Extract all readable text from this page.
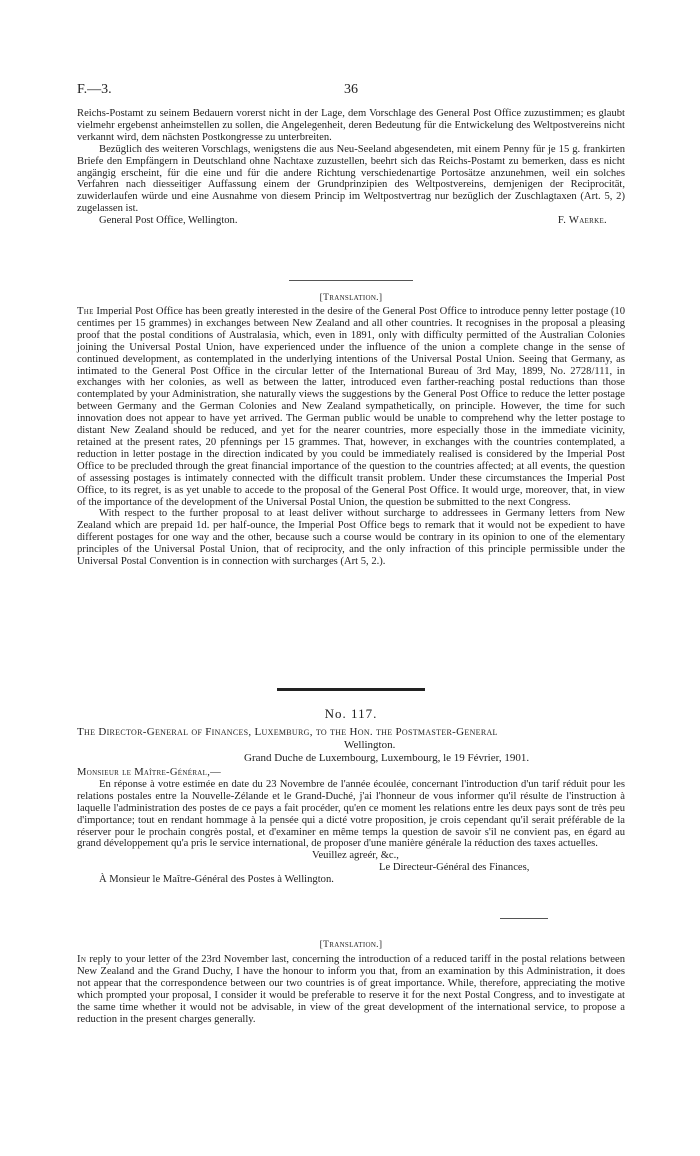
F.—3.	36

Reichs-Postamt zu seinem Bedauern vorerst nicht in der Lage, dem Vorschlage des General Post Office zuzustimmen; es glaubt vielmehr ergebenst anheimstellen zu sollen, die Angelegenheit, deren Bedeutung für die Entwickelung des Weltpostvereins nicht verkannt wird, dem nächsten Postkongresse zu unterbreiten.

Bezüglich des weiteren Vorschlags, wenigstens die aus Neu-Seeland abgesendeten, mit einem Penny für je 15 g. frankirten Briefe den Empfängern in Deutschland ohne Nachtaxe zuzustellen, beehrt sich das Reichs-Postamt zu bemerken, dass es nicht angängig erscheint, für die eine und für die andere Richtung verschiedenartige Portosätze anzunehmen, weil ein solches Verfahren nach diesseitiger Auffassung einem der Grundprinzipien des Weltpostvereins, demjenigen der Reciprocität, zuwiderlaufen würde und eine Ausnahme von diesem Princip im Weltpostvertrag nur bezüglich der Zuschlagtaxen (Art. 5, 2) zugelassen ist.

General Post Office, Wellington.	F. Waerke.
[Translation.]

The Imperial Post Office has been greatly interested in the desire of the General Post Office to introduce penny letter postage (10 centimes per 15 grammes) in exchanges between New Zealand and all other countries. It recognises in the proposal a pleasing proof that the postal conditions of Australasia, which, even in 1891, only with difficulty permitted of the Australian Colonies joining the Universal Postal Union, have experienced under the influence of the union a complete change in the sense of continued development, as contemplated in the underlying intentions of the Universal Postal Union. Seeing that Germany, as intimated to the General Post Office in the circular letter of the International Bureau of 3rd May, 1899, No. 2728/111, in exchanges with her colonies, as well as between the latter, introduced even farther-reaching postal reductions than those contemplated by your Administration, she naturally views the suggestions by the General Post Office to reduce the letter postage between Germany and the German Colonies and New Zealand sympathetically, on principle. However, the time for such innovation does not appear to have yet arrived. The German public would be unable to comprehend why the letter postage to distant New Zealand should be reduced, and yet for the nearer countries, more especially those in the immediate vicinity, retained at the present rates, 20 pfennings per 15 grammes. That, however, in exchanges with the countries contemplated, a reduction in letter postage in the direction indicated by you could be immediately realised is considered by the Imperial Post Office to be precluded through the great financial importance of the question to the countries affected; at all events, the question of assessing postages is intimately connected with the difficult transit problem. Under these circumstances the Imperial Post Office, to its regret, is as yet unable to accede to the proposal of the General Post Office. It would urge, moreover, that, in view of the importance of the development of the Universal Postal Union, the question be submitted to the next Congress.

With respect to the further proposal to at least deliver without surcharge to addressees in Germany letters from New Zealand which are prepaid 1d. per half-ounce, the Imperial Post Office begs to remark that it would not be expedient to have different postages for one way and the other, because such a course would be contrary in its opinion to one of the elementary principles of the Universal Postal Union, that of reciprocity, and the only infraction of this principle permissible under the Universal Postal Convention is in connection with surcharges (Art 5, 2.).

No. 117.
The Director-General of Finances, Luxemburg, to the Hon. the Postmaster-General
Wellington.
Grand Duche de Luxembourg, Luxembourg, le 19 Février, 1901.

Monsieur le Maître-Général,—

En réponse à votre estimée en date du 23 Novembre de l'année écoulée, concernant l'introduction d'un tarif réduit pour les relations postales entre la Nouvelle-Zélande et le Grand-Duché, j'ai l'honneur de vous informer qu'il résulte de l'instruction à laquelle l'administration des postes de ce pays a fait procéder, qu'en ce moment les relations entre les deux pays sont de très peu d'importance; tout en rendant hommage à la pensée qui a dicté votre proposition, je crois cependant qu'il serait préférable de la réserver pour le prochain congrès postal, et d'examiner en même temps la question de savoir s'il ne convient pas, en égard au grand développement qu'a pris le service international, de proposer d'une manière générale la réduction des taxes actuelles.

Veuillez agreér, &c.,

Le Directeur-Général des Finances,

À Monsieur le Maître-Général des Postes à Wellington.

[Translation.]

In reply to your letter of the 23rd November last, concerning the introduction of a reduced tariff in the postal relations between New Zealand and the Grand Duchy, I have the honour to inform you that, from an examination by this Administration, it does not appear that the correspondence between our two countries is of great importance. While, therefore, appreciating the motive which prompted your proposal, I consider it would be preferable to reserve it for the next Postal Congress, and to investigate at the same time whether it would not be advisable, in view of the great development of the international service, to propose a reduction in the present charges generally.
